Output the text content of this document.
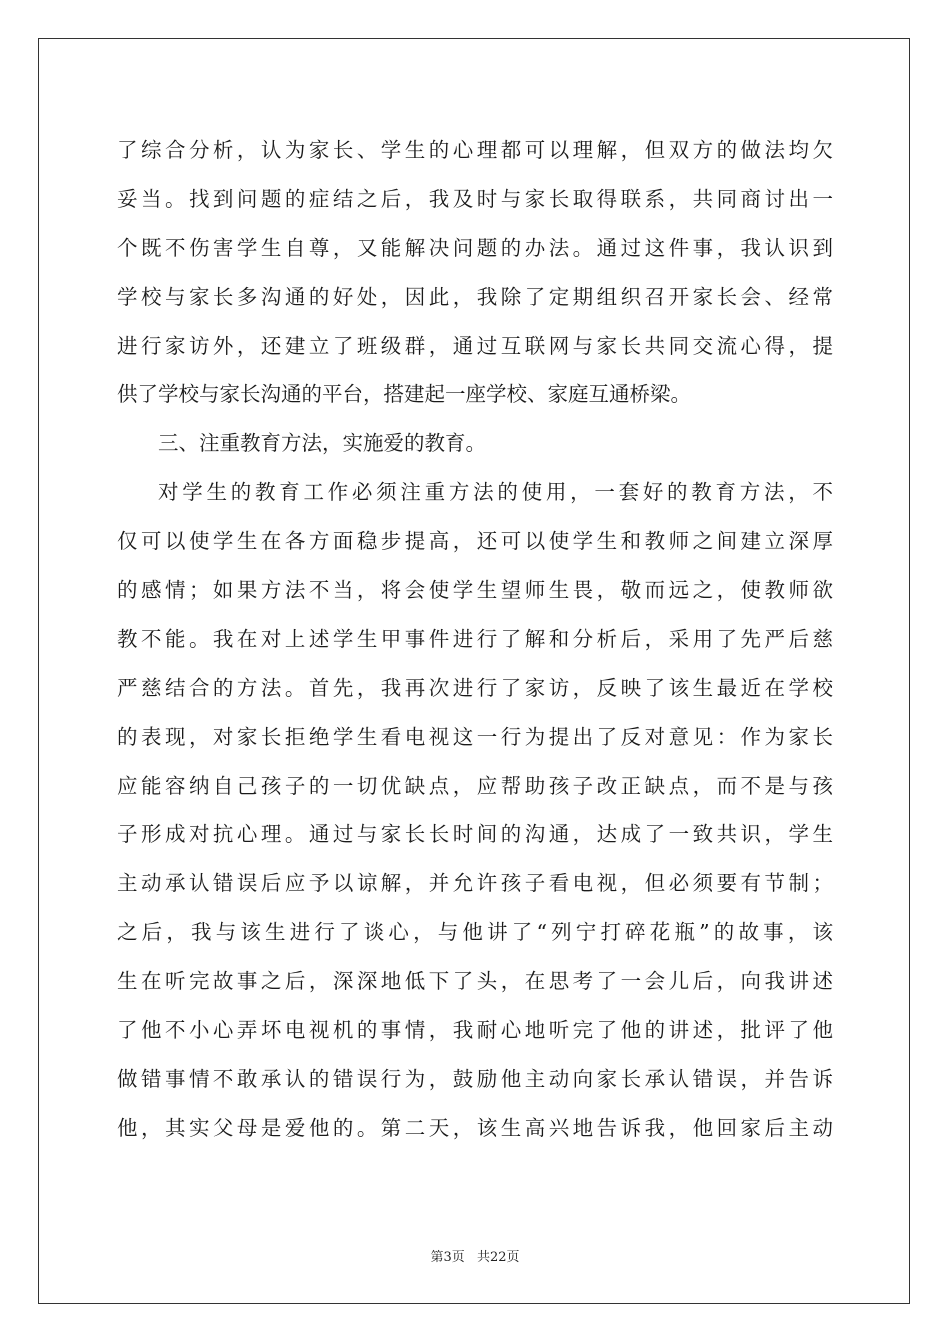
了综合分析，认为家长、学生的心理都可以理解，但双方的做法均欠
妥当。找到问题的症结之后，我及时与家长取得联系，共同商讨出一
个既不伤害学生自尊，又能解决问题的办法。通过这件事，我认识到
学校与家长多沟通的好处，因此，我除了定期组织召开家长会、经常
进行家访外，还建立了班级群，通过互联网与家长共同交流心得，提
供了学校与家长沟通的平台，搭建起一座学校、家庭互通桥梁。
三、注重教育方法，实施爱的教育。
对学生的教育工作必须注重方法的使用，一套好的教育方法，不
仅可以使学生在各方面稳步提高，还可以使学生和教师之间建立深厚
的感情；如果方法不当，将会使学生望师生畏，敬而远之，使教师欲
教不能。我在对上述学生甲事件进行了解和分析后，采用了先严后慈
严慈结合的方法。首先，我再次进行了家访，反映了该生最近在学校
的表现，对家长拒绝学生看电视这一行为提出了反对意见：作为家长
应能容纳自己孩子的一切优缺点，应帮助孩子改正缺点，而不是与孩
子形成对抗心理。通过与家长长时间的沟通，达成了一致共识，学生
主动承认错误后应予以谅解，并允许孩子看电视，但必须要有节制；
之后，我与该生进行了谈心，与他讲了“列宁打碎花瓶”的故事，该
生在听完故事之后，深深地低下了头，在思考了一会儿后，向我讲述
了他不小心弄坏电视机的事情，我耐心地听完了他的讲述，批评了他
做错事情不敢承认的错误行为，鼓励他主动向家长承认错误，并告诉
他，其实父母是爱他的。第二天，该生高兴地告诉我，他回家后主动
第3页 共22页
